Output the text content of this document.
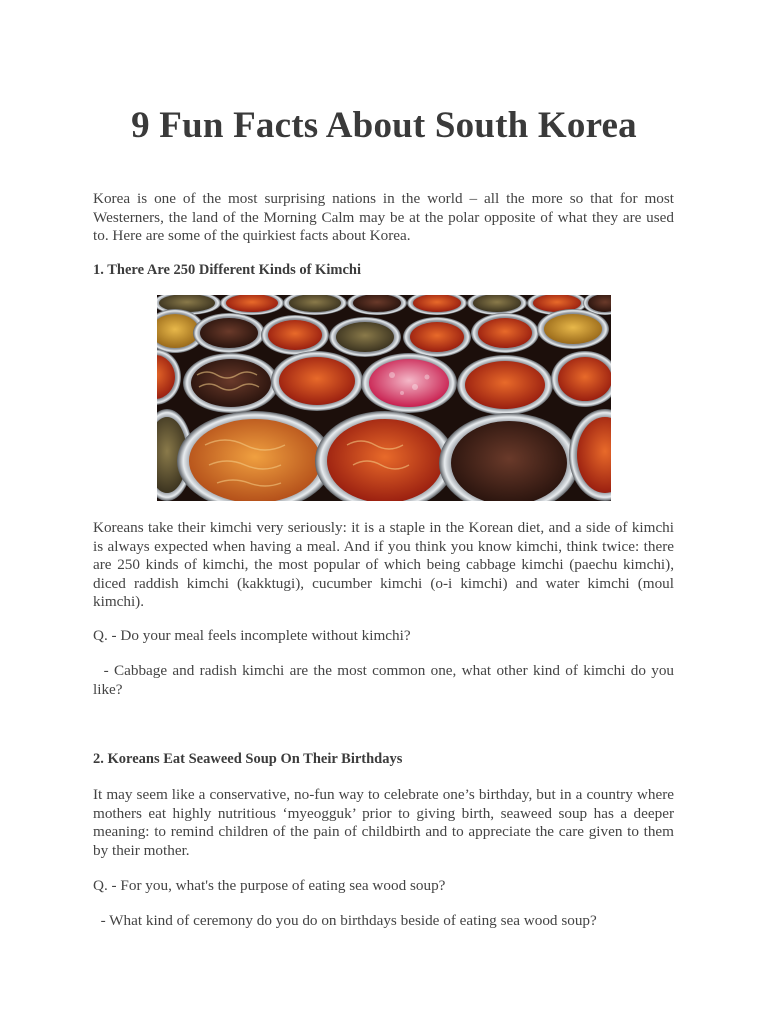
9 Fun Facts About South Korea

Korea is one of the most surprising nations in the world – all the more so that for most Westerners, the land of the Morning Calm may be at the polar opposite of what they are used to. Here are some of the quirkiest facts about Korea.

1. There Are 250 Different Kinds of Kimchi

Koreans take their kimchi very seriously: it is a staple in the Korean diet, and a side of kimchi is always expected when having a meal. And if you think you know kimchi, think twice: there are 250 kinds of kimchi, the most popular of which being cabbage kimchi (paechu kimchi), diced raddish kimchi (kakktugi), cucumber kimchi (o-i kimchi) and water kimchi (moul kimchi).

Q. - Do your meal feels incomplete without kimchi?

- Cabbage and radish kimchi are the most common one, what other kind of kimchi do you like?

2. Koreans Eat Seaweed Soup On Their Birthdays

It may seem like a conservative, no-fun way to celebrate one’s birthday, but in a country where mothers eat highly nutritious ‘myeogguk’ prior to giving birth, seaweed soup has a deeper meaning: to remind children of the pain of childbirth and to appreciate the care given to them by their mother.

Q. - For you, what's the purpose of eating sea wood soup?

- What kind of ceremony do you do on birthdays beside of eating sea wood soup?
